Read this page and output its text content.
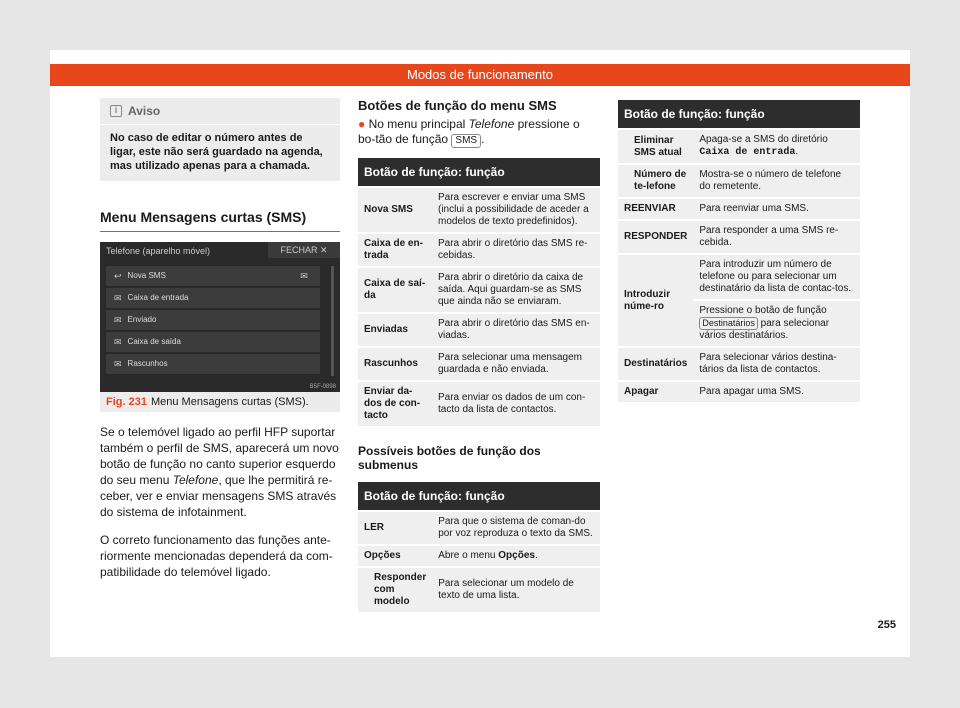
Modos de funcionamento
i Aviso
No caso de editar o número antes de ligar, este não será guardado na agenda, mas utilizado apenas para a chamada.
Menu Mensagens curtas (SMS)
Telefone (aparelho móvel)	FECHAR ✕
↩ Nova SMS
✉ Caixa de entrada
✉ Enviado
✉ Caixa de saída
✉ Rascunhos
✉
B5F-0898
Fig. 231 Menu Mensagens curtas (SMS).

Se o telemóvel ligado ao perfil HFP suportar também o perfil de SMS, aparecerá um novo botão de função no canto superior esquerdo do seu menu Telefone, que lhe permitirá re-ceber, ver e enviar mensagens SMS através do sistema de infotainment.

O correto funcionamento das funções ante-riormente mencionadas dependerá da com-patibilidade do telemóvel ligado.

Botões de função do menu SMS

● No menu principal Telefone pressione o bo-tão de função SMS .

Botão de função: função	
Nova SMS	Para escrever e enviar uma SMS (inclui a possibilidade de aceder a modelos de texto predefinidos).
Caixa de en-trada	Para abrir o diretório das SMS re-cebidas.
Caixa de saí-da	Para abrir o diretório da caixa de saída. Aqui guardam-se as SMS que ainda não se enviaram.
Enviadas	Para abrir o diretório das SMS en-viadas.
Rascunhos	Para selecionar uma mensagem guardada e não enviada.
Enviar da-dos de con-tacto	Para enviar os dados de um con-tacto da lista de contactos.
Possíveis botões de função dos submenus
Botão de função: função	
LER	Para que o sistema de coman-do por voz reproduza o texto da SMS.
Opções	Abre o menu Opções.
Responder com modelo	Para selecionar um modelo de texto de uma lista.
Botão de função: função	
Eliminar SMS atual	Apaga-se a SMS do diretório Caixa de entrada.
Número de te-lefone	Mostra-se o número de telefone do remetente.
REENVIAR	Para reenviar uma SMS.
RESPONDER	Para responder a uma SMS re-cebida.
Introduzir núme-ro	Para introduzir um número de telefone ou para selecionar um destinatário da lista de contac-tos.
	Pressione o botão de função Destinatários para selecionar vários destinatários.
Destinatários	Para selecionar vários destina-tários da lista de contactos.
Apagar	Para apagar uma SMS.
255
